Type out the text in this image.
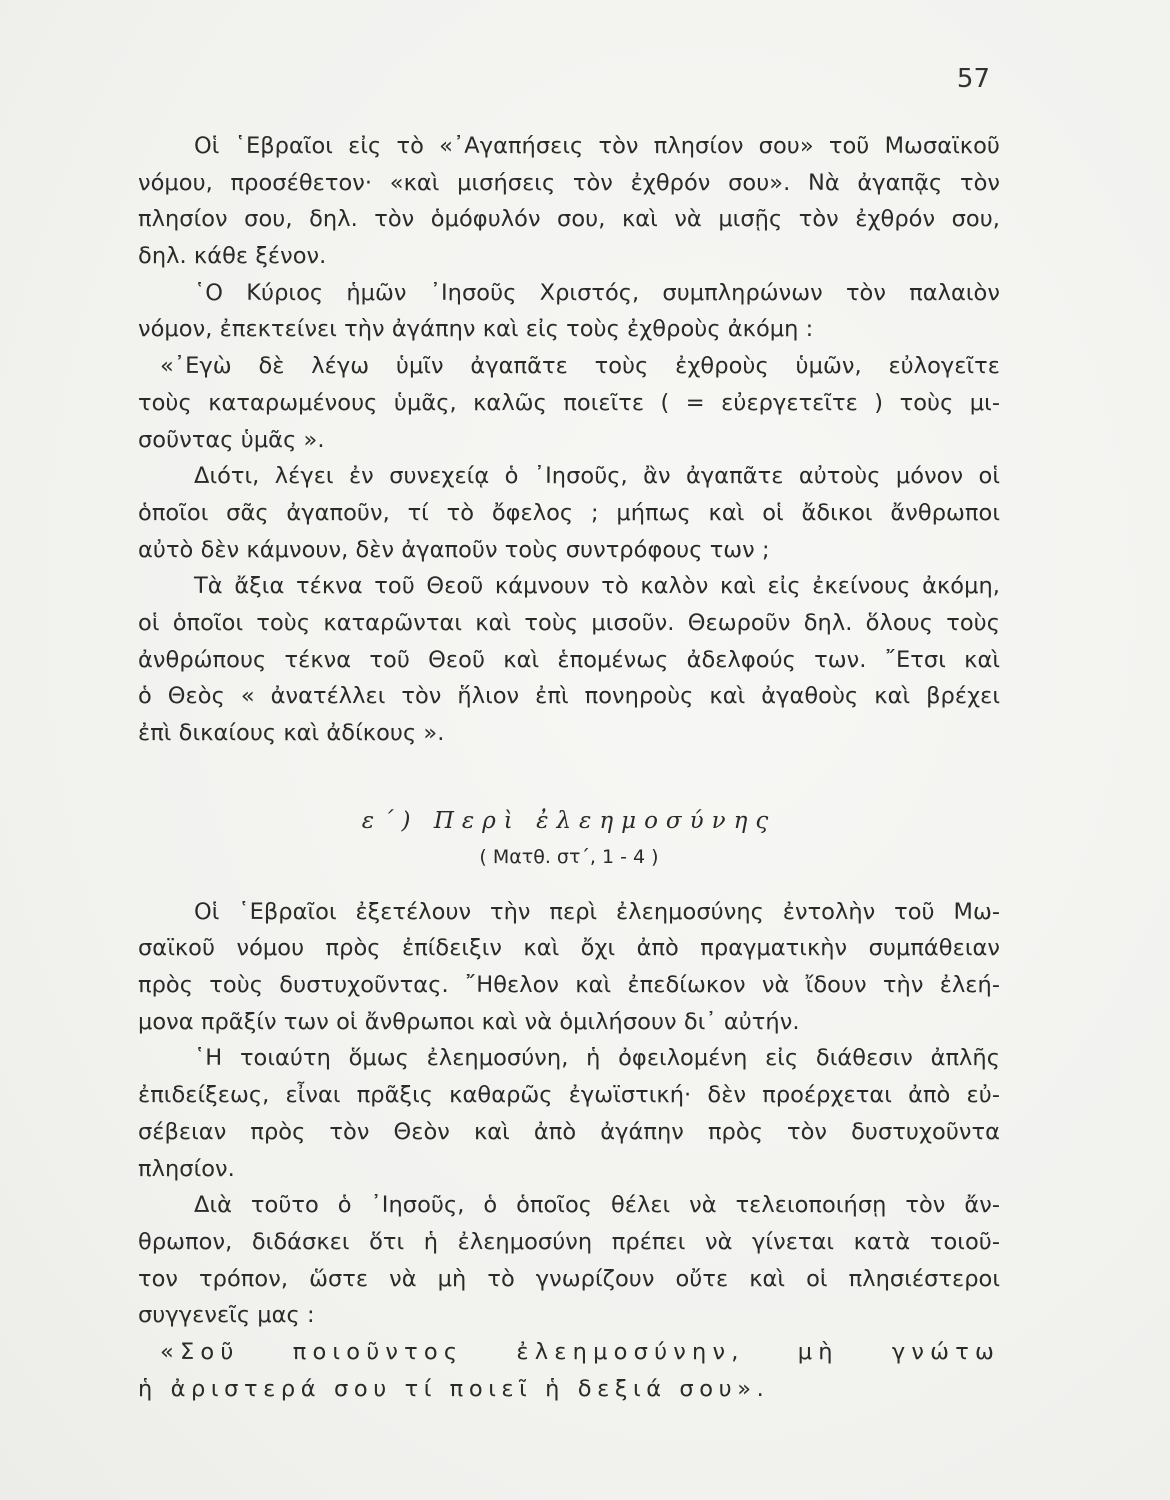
57
Οἱ ῾Εβραῖοι εἰς τὸ «᾿Αγαπήσεις τὸν πλησίον σου» τοῦ Μωσαϊκοῦ
νόμου, προσέθετον· «καὶ μισήσεις τὸν ἐχθρόν σου». Νὰ ἀγαπᾷς τὸν
πλησίον σου, δηλ. τὸν ὁμόφυλόν σου, καὶ νὰ μισῇς τὸν ἐχθρόν σου,
δηλ. κάθε ξένον.
῾Ο Κύριος ἡμῶν ᾿Ιησοῦς Χριστός, συμπληρώνων τὸν παλαιὸν
νόμον, ἐπεκτείνει τὴν ἀγάπην καὶ εἰς τοὺς ἐχθροὺς ἀκόμη :
«᾿Εγὼ δὲ λέγω ὑμῖν ἀγαπᾶτε τοὺς ἐχθροὺς ὑμῶν, εὐλογεῖτε
τοὺς καταρωμένους ὑμᾶς, καλῶς ποιεῖτε ( = εὐεργετεῖτε ) τοὺς μι-
σοῦντας ὑμᾶς ».
Διότι, λέγει ἐν συνεχείᾳ ὁ ᾿Ιησοῦς, ἂν ἀγαπᾶτε αὐτοὺς μόνον οἱ
ὁποῖοι σᾶς ἀγαποῦν, τί τὸ ὄφελος ; μήπως καὶ οἱ ἄδικοι ἄνθρωποι
αὐτὸ δὲν κάμνουν, δὲν ἀγαποῦν τοὺς συντρόφους των ;
Τὰ ἄξια τέκνα τοῦ Θεοῦ κάμνουν τὸ καλὸν καὶ εἰς ἐκείνους ἀκόμη,
οἱ ὁποῖοι τοὺς καταρῶνται καὶ τοὺς μισοῦν. Θεωροῦν δηλ. ὅλους τοὺς
ἀνθρώπους τέκνα τοῦ Θεοῦ καὶ ἑπομένως ἀδελφούς των. ῎Ετσι καὶ
ὁ Θεὸς « ἀνατέλλει τὸν ἥλιον ἐπὶ πονηροὺς καὶ ἀγαθοὺς καὶ βρέχει
ἐπὶ δικαίους καὶ ἀδίκους ».
ε΄) Περὶ ἐλεημοσύνης
( Ματθ. στ΄, 1 - 4 )
Οἱ ῾Εβραῖοι ἐξετέλουν τὴν περὶ ἐλεημοσύνης ἐντολὴν τοῦ Μω-
σαϊκοῦ νόμου πρὸς ἐπίδειξιν καὶ ὄχι ἀπὸ πραγματικὴν συμπάθειαν
πρὸς τοὺς δυστυχοῦντας. ῎Ηθελον καὶ ἐπεδίωκον νὰ ἴδουν τὴν ἐλεή-
μονα πρᾶξίν των οἱ ἄνθρωποι καὶ νὰ ὁμιλήσουν δι᾿ αὐτήν.
῾Η τοιαύτη ὅμως ἐλεημοσύνη, ἡ ὀφειλομένη εἰς διάθεσιν ἀπλῆς
ἐπιδείξεως, εἶναι πρᾶξις καθαρῶς ἐγωϊστική· δὲν προέρχεται ἀπὸ εὐ-
σέβειαν πρὸς τὸν Θεὸν καὶ ἀπὸ ἀγάπην πρὸς τὸν δυστυχοῦντα
πλησίον.
Διὰ τοῦτο ὁ ᾿Ιησοῦς, ὁ ὁποῖος θέλει νὰ τελειοποιήσῃ τὸν ἄν-
θρωπον, διδάσκει ὅτι ἡ ἐλεημοσύνη πρέπει νὰ γίνεται κατὰ τοιοῦ-
τον τρόπον, ὥστε νὰ μὴ τὸ γνωρίζουν οὔτε καὶ οἱ πλησιέστεροι
συγγενεῖς μας :
«Σοῦ ποιοῦντος ἐλεημοσύνην, μὴ γνώτω
ἡ ἀριστερά σου τί ποιεῖ ἡ δεξιά σου».
